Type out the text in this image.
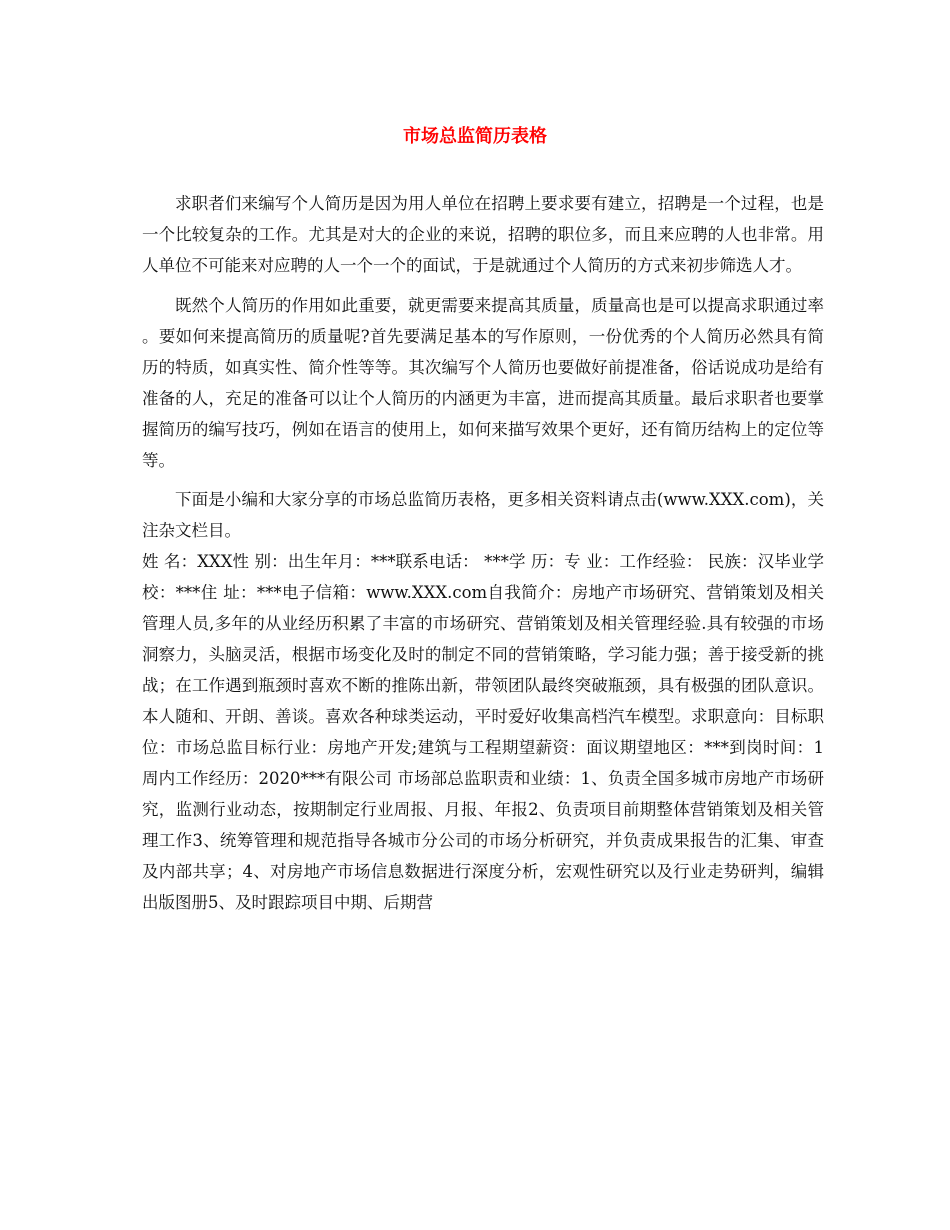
市场总监简历表格

求职者们来编写个人简历是因为用人单位在招聘上要求要有建立，招聘是一个过程，也是一个比较复杂的工作。尤其是对大的企业的来说，招聘的职位多，而且来应聘的人也非常。用人单位不可能来对应聘的人一个一个的面试，于是就通过个人简历的方式来初步筛选人才。

既然个人简历的作用如此重要，就更需要来提高其质量，质量高也是可以提高求职通过率。要如何来提高简历的质量呢?首先要满足基本的写作原则，一份优秀的个人简历必然具有简历的特质，如真实性、简介性等等。其次编写个人简历也要做好前提准备，俗话说成功是给有准备的人，充足的准备可以让个人简历的内涵更为丰富，进而提高其质量。最后求职者也要掌握简历的编写技巧，例如在语言的使用上，如何来描写效果个更好，还有简历结构上的定位等等。

下面是小编和大家分享的市场总监简历表格，更多相关资料请点击(www.XXX.com)，关注杂文栏目。

姓 名：XXX性 别：出生年月：***联系电话： ***学 历：专 业：工作经验： 民族：汉毕业学校：***住 址：***电子信箱：www.XXX.com自我简介：房地产市场研究、营销策划及相关管理人员,多年的从业经历积累了丰富的市场研究、营销策划及相关管理经验.具有较强的市场洞察力，头脑灵活，根据市场变化及时的制定不同的营销策略，学习能力强；善于接受新的挑战；在工作遇到瓶颈时喜欢不断的推陈出新，带领团队最终突破瓶颈，具有极强的团队意识。本人随和、开朗、善谈。喜欢各种球类运动，平时爱好收集高档汽车模型。求职意向：目标职位：市场总监目标行业：房地产开发;建筑与工程期望薪资：面议期望地区：***到岗时间：1周内工作经历：2020***有限公司 市场部总监职责和业绩：1、负责全国多城市房地产市场研究，监测行业动态，按期制定行业周报、月报、年报2、负责项目前期整体营销策划及相关管理工作3、统筹管理和规范指导各城市分公司的市场分析研究，并负责成果报告的汇集、审查及内部共享；4、对房地产市场信息数据进行深度分析，宏观性研究以及行业走势研判，编辑出版图册5、及时跟踪项目中期、后期营
